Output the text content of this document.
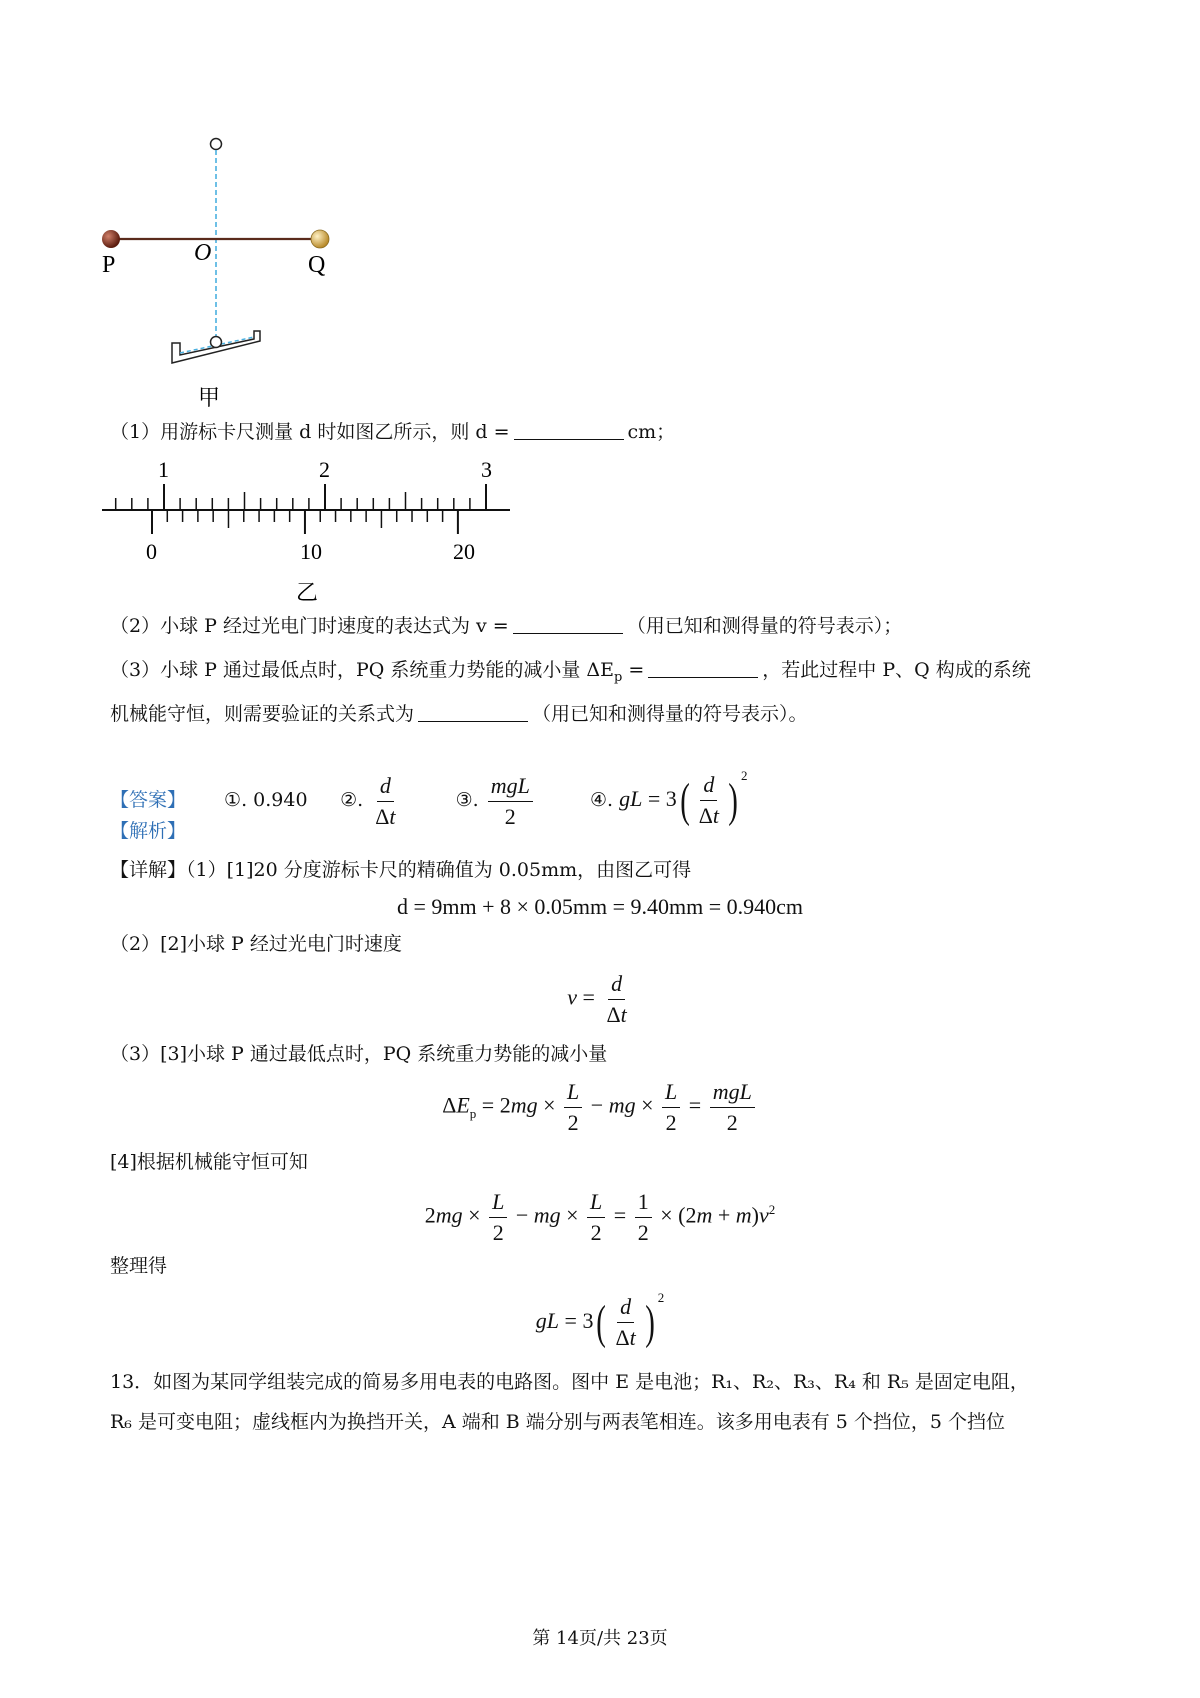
P	O	Q
甲
（1）用游标卡尺测量 d 时如图乙所示，则 d =	cm；
1	2	3
0	10	20
乙
（2）小球 P 经过光电门时速度的表达式为 v =	（用已知和测得量的符号表示）；
（3）小球 P 通过最低点时，PQ 系统重力势能的减小量 $\Delta E_p$ =	，若此过程中 P、Q 构成的系统
机械能守恒，则需要验证的关系式为	（用已知和测得量的符号表示）。
【答案】 ①. 0.940 ②. $\frac{d}{\Delta t}$	③. $\frac{\text{mgL}}{2}$	④. gL = $3( \frac{d}{\Delta t}$ ) $^2$
【解析】
【详解】（1）[1]20 分度游标卡尺的精确值为 0.05mm，由图乙可得
d = 9mm + 8 × 0.05mm = 9.40mm = 0.940cm
（2）[2]小球 P 经过光电门时速度
$v = \frac{d}{\Delta t}$
（3）[3]小球 P 通过最低点时，PQ 系统重力势能的减小量
$\Delta E_p = 2mg \times \frac{L}{2}$ − mg × $\frac{L}{2} = \frac{\text{mgL}}{2}$
[4]根据机械能守恒可知
$2mg \times \frac{L}{2}$ − mg × $\frac{L}{2} = \frac{1}{2} \times (2m + m)v^2$
整理得
gL = $3( \frac{d}{\Delta t}$ ) $^2$
13．如图为某同学组装完成的简易多用电表的电路图。图中 E 是电池；R₁、R₂、R₃、R₄ 和 R₅ 是固定电阻，
R₆ 是可变电阻；虚线框内为换挡开关，A 端和 B 端分别与两表笔相连。该多用电表有 5 个挡位，5 个挡位
第 14页/共 23页
